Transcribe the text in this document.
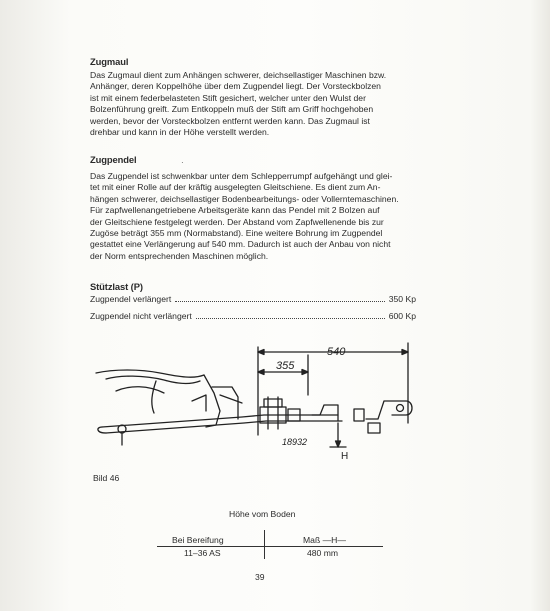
Zugmaul
Das Zugmaul dient zum Anhängen schwerer, deichsellastiger Maschinen bzw.
Anhänger, deren Koppelhöhe über dem Zugpendel liegt. Der Vorsteckbolzen
ist mit einem federbelasteten Stift gesichert, welcher unter den Wulst der
Bolzenführung greift. Zum Entkoppeln muß der Stift am Griff hochgehoben
werden, bevor der Vorsteckbolzen entfernt werden kann. Das Zugmaul ist
drehbar und kann in der Höhe verstellt werden.
Zugpendel	·
Das Zugpendel ist schwenkbar unter dem Schlepperrumpf aufgehängt und glei-
tet mit einer Rolle auf der kräftig ausgelegten Gleitschiene. Es dient zum An-
hängen schwerer, deichsellastiger Bodenbearbeitungs- oder Vollerntemaschinen.
Für zapfwellenangetriebene Arbeitsgeräte kann das Pendel mit 2 Bolzen auf
der Gleitschiene festgelegt werden. Der Abstand vom Zapfwellenende bis zur
Zugöse beträgt 355 mm (Normabstand). Eine weitere Bohrung im Zugpendel
gestattet eine Verlängerung auf 540 mm. Dadurch ist auch der Anbau von nicht
der Norm entsprechenden Maschinen möglich.
Stützlast (P)
Zugpendel verlängert	350 Kp
Zugpendel nicht verlängert	600 Kp
540
355
18932
H
Bild 46
Höhe vom Boden
Bei Bereifung	Maß —H—
11–36 AS	480 mm
39
